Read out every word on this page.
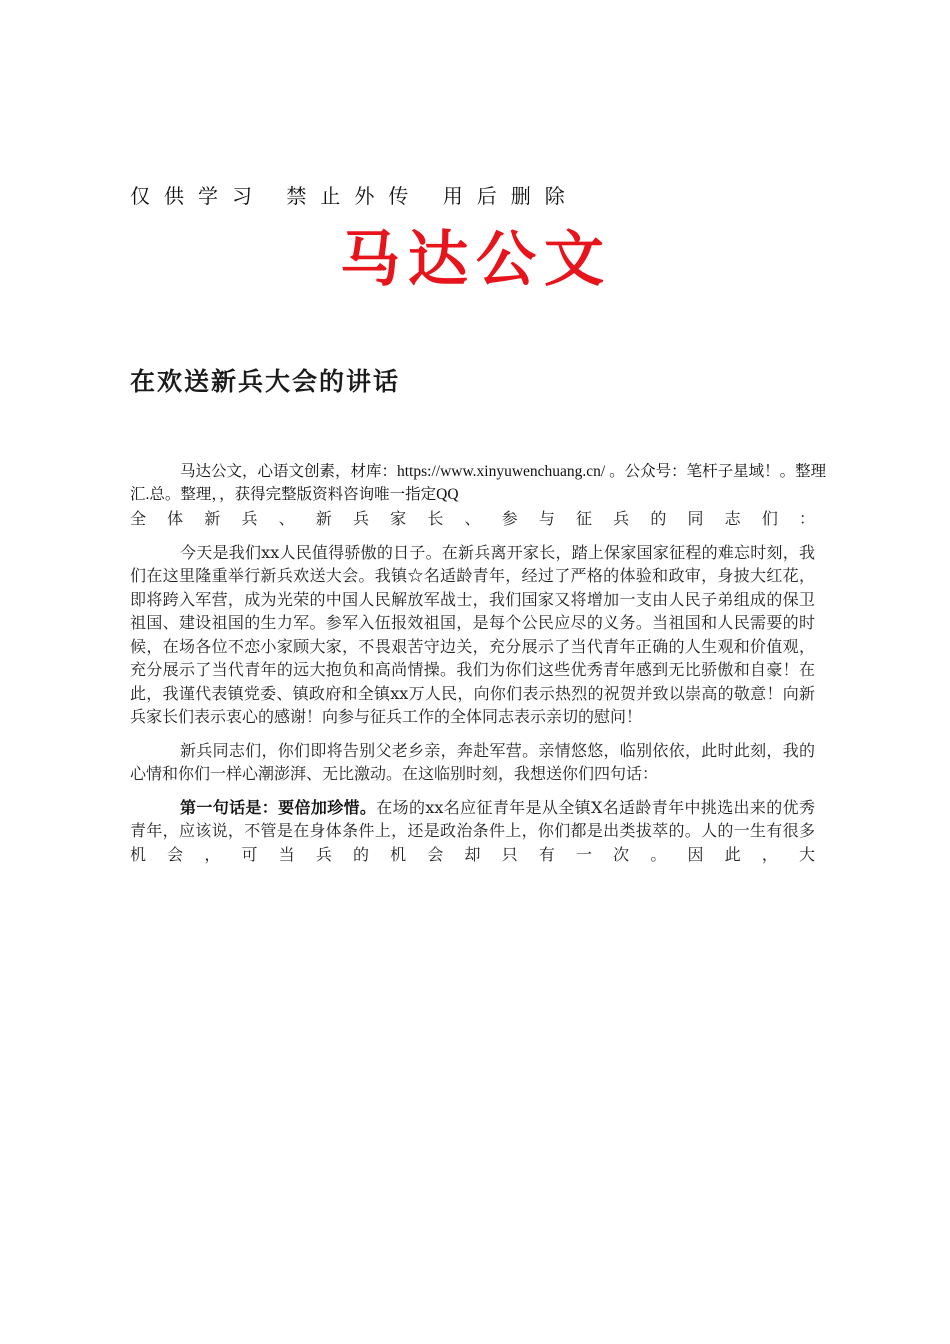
仅供学习 禁止外传 用后删除
马达公文
在欢送新兵大会的讲话
马达公文，心语文创素，材库：https://www.xinyuwenchuang.cn/ 。公众号：笔杆子星域！。整理汇.总。整理，，获得完整版资料咨询唯一指定QQ

全体新兵、新兵家长、参与征兵的同志们：

今天是我们xx人民值得骄傲的日子。在新兵离开家长，踏上保家国家征程的难忘时刻，我们在这里隆重举行新兵欢送大会。我镇☆名适龄青年，经过了严格的体验和政审，身披大红花，即将跨入军营，成为光荣的中国人民解放军战士，我们国家又将增加一支由人民子弟组成的保卫祖国、建设祖国的生力军。参军入伍报效祖国，是每个公民应尽的义务。当祖国和人民需要的时候，在场各位不恋小家顾大家，不畏艰苦守边关，充分展示了当代青年正确的人生观和价值观，充分展示了当代青年的远大抱负和高尚情操。我们为你们这些优秀青年感到无比骄傲和自豪！在此，我谨代表镇党委、镇政府和全镇xx万人民，向你们表示热烈的祝贺并致以崇高的敬意！向新兵家长们表示衷心的感谢！向参与征兵工作的全体同志表示亲切的慰问！

新兵同志们，你们即将告别父老乡亲，奔赴军营。亲情悠悠，临别依依，此时此刻，我的心情和你们一样心潮澎湃、无比激动。在这临别时刻，我想送你们四句话：

第一句话是：要倍加珍惜。在场的xx名应征青年是从全镇X名适龄青年中挑选出来的优秀青年，应该说，不管是在身体条件上，还是政治条件上，你们都是出类拔萃的。人的一生有很多机会，可当兵的机会却只有一次。因此，大
